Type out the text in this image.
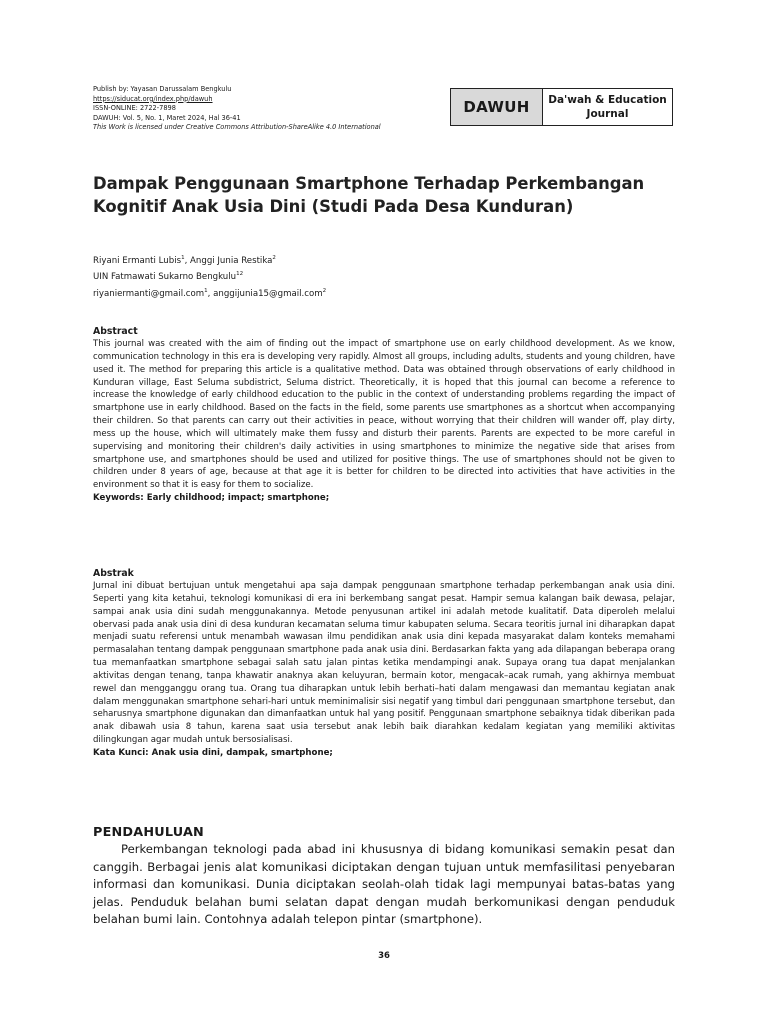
Publish by: Yayasan Darussalam Bengkulu
https://siducat.org/index.php/dawuh
ISSN-ONLINE: 2722-7898
DAWUH: Vol. 5, No. 1, Maret 2024, Hal 36-41
This Work is licensed under Creative Commons Attribution-ShareAlike 4.0 International
DAWUH	Da'wah & Education
Journal
Dampak Penggunaan Smartphone Terhadap Perkembangan Kognitif Anak Usia Dini (Studi Pada Desa Kunduran)
Riyani Ermanti Lubis$^1$, Anggi Junia Restika$^2$
UIN Fatmawati Sukarno Bengkulu$^{12}$
riyaniermanti@gmail.com$^1$, anggijunia15@gmail.com$^2$
Abstract
This journal was created with the aim of finding out the impact of smartphone use on early childhood development. As we know, communication technology in this era is developing very rapidly. Almost all groups, including adults, students and young children, have used it. The method for preparing this article is a qualitative method. Data was obtained through observations of early childhood in Kunduran village, East Seluma subdistrict, Seluma district. Theoretically, it is hoped that this journal can become a reference to increase the knowledge of early childhood education to the public in the context of understanding problems regarding the impact of smartphone use in early childhood. Based on the facts in the field, some parents use smartphones as a shortcut when accompanying their children. So that parents can carry out their activities in peace, without worrying that their children will wander off, play dirty, mess up the house, which will ultimately make them fussy and disturb their parents. Parents are expected to be more careful in supervising and monitoring their children's daily activities in using smartphones to minimize the negative side that arises from smartphone use, and smartphones should be used and utilized for positive things. The use of smartphones should not be given to children under 8 years of age, because at that age it is better for children to be directed into activities that have activities in the environment so that it is easy for them to socialize.
Keywords: Early childhood; impact; smartphone;
Abstrak
Jurnal ini dibuat bertujuan untuk mengetahui apa saja dampak penggunaan smartphone terhadap perkembangan anak usia dini. Seperti yang kita ketahui, teknologi komunikasi di era ini berkembang sangat pesat. Hampir semua kalangan baik dewasa, pelajar, sampai anak usia dini sudah menggunakannya. Metode penyusunan artikel ini adalah metode kualitatif. Data diperoleh melalui obervasi pada anak usia dini di desa kunduran kecamatan seluma timur kabupaten seluma. Secara teoritis jurnal ini diharapkan dapat menjadi suatu referensi untuk menambah wawasan ilmu pendidikan anak usia dini kepada masyarakat dalam konteks memahami permasalahan tentang dampak penggunaan smartphone pada anak usia dini. Berdasarkan fakta yang ada dilapangan beberapa orang tua memanfaatkan smartphone sebagai salah satu jalan pintas ketika mendampingi anak. Supaya orang tua dapat menjalankan aktivitas dengan tenang, tanpa khawatir anaknya akan keluyuran, bermain kotor, mengacak–acak rumah, yang akhirnya membuat rewel dan mengganggu orang tua. Orang tua diharapkan untuk lebih berhati–hati dalam mengawasi dan memantau kegiatan anak dalam menggunakan smartphone sehari-hari untuk meminimalisir sisi negatif yang timbul dari penggunaan smartphone tersebut, dan seharusnya smartphone digunakan dan dimanfaatkan untuk hal yang positif. Penggunaan smartphone sebaiknya tidak diberikan pada anak dibawah usia 8 tahun, karena saat usia tersebut anak lebih baik diarahkan kedalam kegiatan yang memiliki aktivitas dilingkungan agar mudah untuk bersosialisasi.
Kata Kunci: Anak usia dini, dampak, smartphone;
PENDAHULUAN
Perkembangan teknologi pada abad ini khususnya di bidang komunikasi semakin pesat dan canggih. Berbagai jenis alat komunikasi diciptakan dengan tujuan untuk memfasilitasi penyebaran informasi dan komunikasi. Dunia diciptakan seolah-olah tidak lagi mempunyai batas-batas yang jelas. Penduduk belahan bumi selatan dapat dengan mudah berkomunikasi dengan penduduk belahan bumi lain. Contohnya adalah telepon pintar (smartphone).
36
